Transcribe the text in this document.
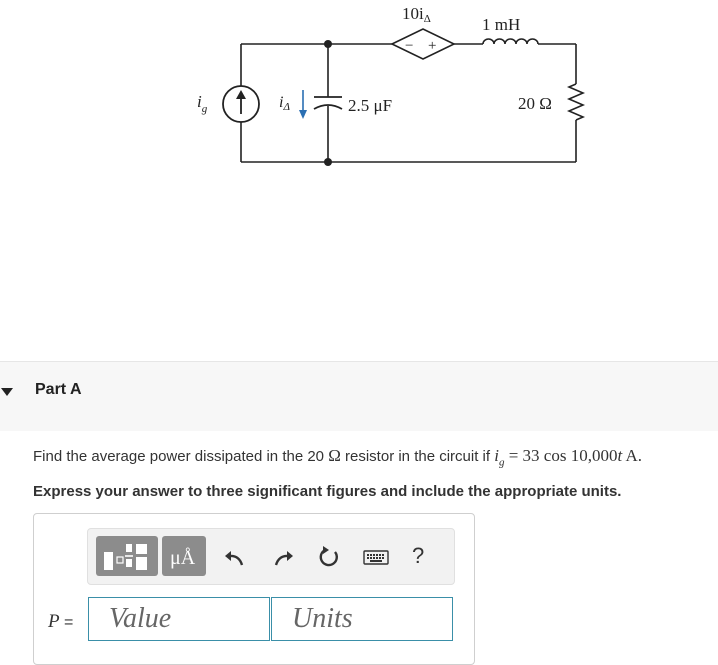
$i_g$	iΔ	2.5 μF
− +
10iΔ	1 mH
20 Ω
Part A
Find the average power dissipated in the 20 Ω resistor in the circuit if $i_g = 33$ cos 10,000t A.
Express your answer to three significant figures and include the appropriate units.
μÅ	?
P =
Value
Units
